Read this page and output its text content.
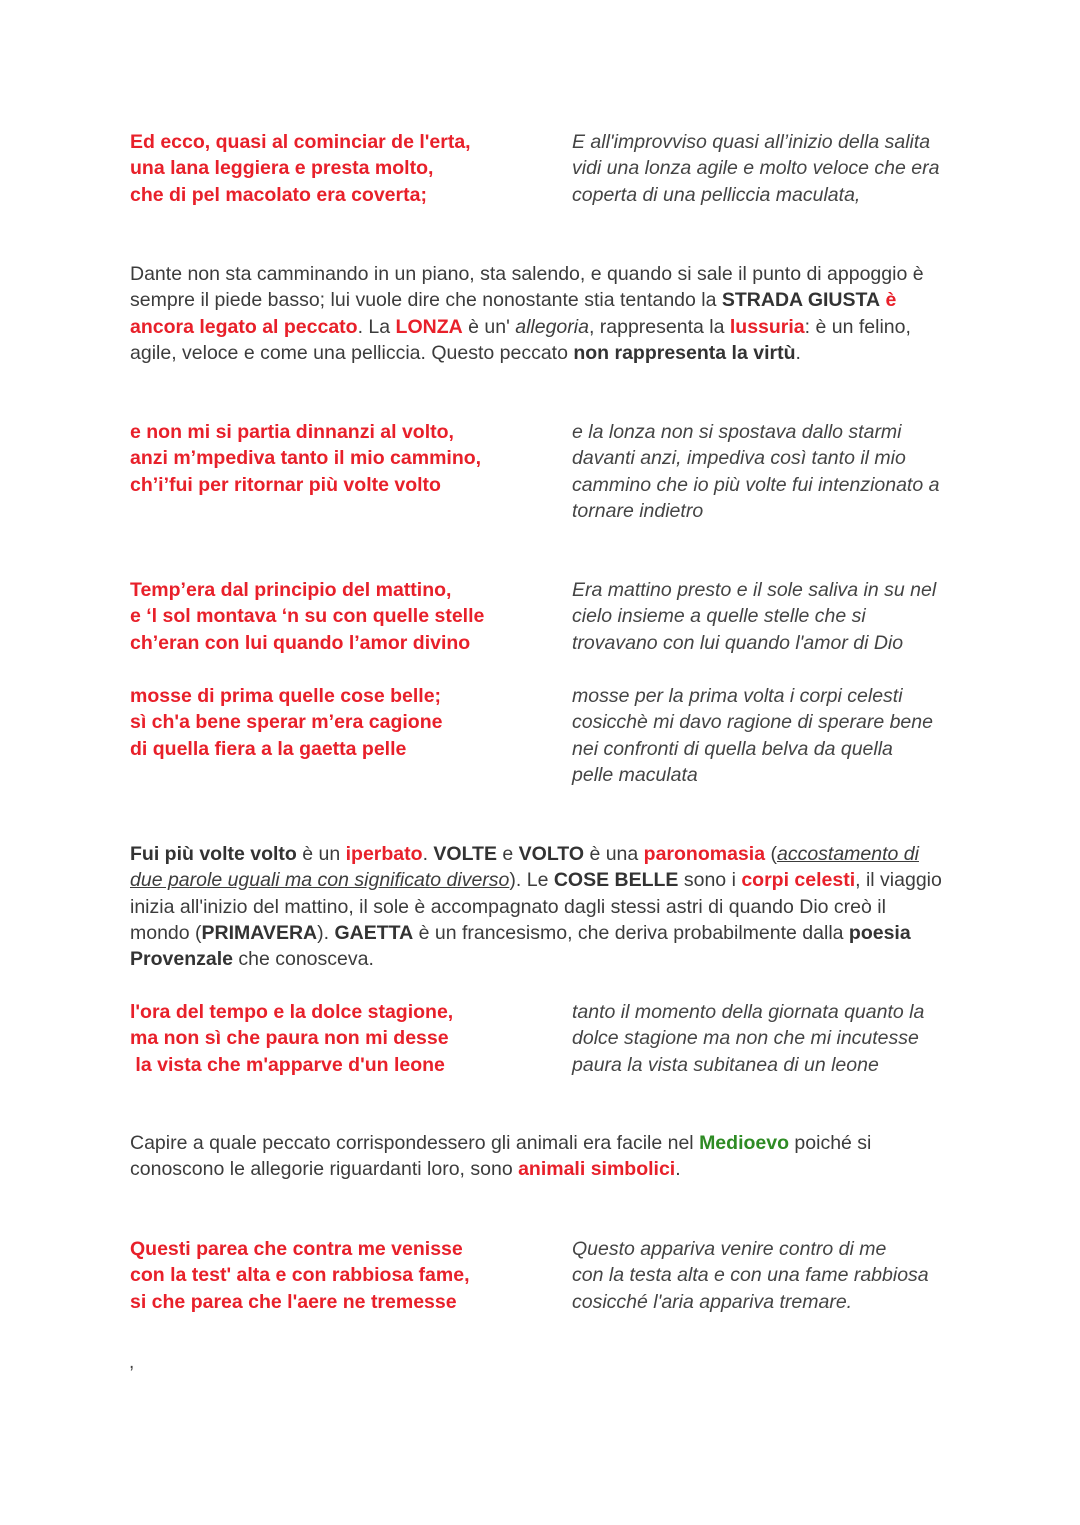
Ed ecco, quasi al cominciar de l'erta,
una lana leggiera e presta molto,
che di pel macolato era coverta;
E all'improvviso quasi all’inizio della salita
vidi una lonza agile e molto veloce che era
coperta di una pelliccia maculata,
Dante non sta camminando in un piano, sta salendo, e quando si sale il punto di appoggio è sempre il piede basso; lui vuole dire che nonostante stia tentando la STRADA GIUSTA è ancora legato al peccato. La LONZA è un' allegoria, rappresenta la lussuria: è un felino, agile, veloce e come una pelliccia. Questo peccato non rappresenta la virtù.
e non mi si partia dinnanzi al volto,
anzi m’mpediva tanto il mio cammino,
ch’i’fui per ritornar più volte volto
e la lonza non si spostava dallo starmi
davanti anzi, impediva così tanto il mio
cammino che io più volte fui intenzionato a
tornare indietro
Temp’era dal principio del mattino,
e ‘l sol montava ‘n su con quelle stelle
ch’eran con lui quando l’amor divino
Era mattino presto e il sole saliva in su nel
cielo insieme a quelle stelle che si
trovavano con lui quando l'amor di Dio
mosse di prima quelle cose belle;
sì ch'a bene sperar m’era cagione
di quella fiera a la gaetta pelle
mosse per la prima volta i corpi celesti
cosicchè mi davo ragione di sperare bene
nei confronti di quella belva da quella
pelle maculata
Fui più volte volto è un iperbato. VOLTE e VOLTO è una paronomasia (accostamento di due parole uguali ma con significato diverso). Le COSE BELLE sono i corpi celesti, il viaggio inizia all'inizio del mattino, il sole è accompagnato dagli stessi astri di quando Dio creò il mondo (PRIMAVERA). GAETTA è un francesismo, che deriva probabilmente dalla poesia Provenzale che conosceva.
l'ora del tempo e la dolce stagione,
ma non sì che paura non mi desse
la vista che m'apparve d'un leone
tanto il momento della giornata quanto la
dolce stagione ma non che mi incutesse
paura la vista subitanea di un leone
Capire a quale peccato corrispondessero gli animali era facile nel Medioevo poiché si conoscono le allegorie riguardanti loro, sono animali simbolici.
Questi parea che contra me venisse
con la test' alta e con rabbiosa fame,
si che parea che l'aere ne tremesse
Questo appariva venire contro di me
con la testa alta e con una fame rabbiosa
cosicché l'aria appariva tremare.
,
